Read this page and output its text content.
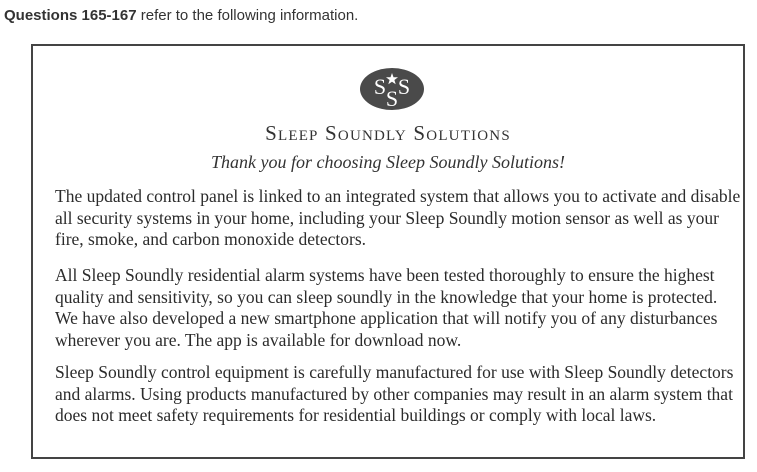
Questions 165-167 refer to the following information.
S S
S
Sleep Soundly Solutions
Thank you for choosing Sleep Soundly Solutions!

The updated control panel is linked to an integrated system that allows you to activate and disable all security systems in your home, including your Sleep Soundly motion sensor as well as your fire, smoke, and carbon monoxide detectors.

All Sleep Soundly residential alarm systems have been tested thoroughly to ensure the highest quality and sensitivity, so you can sleep soundly in the knowledge that your home is protected. We have also developed a new smartphone application that will notify you of any disturbances wherever you are. The app is available for download now.

Sleep Soundly control equipment is carefully manufactured for use with Sleep Soundly detectors and alarms. Using products manufactured by other companies may result in an alarm system that does not meet safety requirements for residential buildings or comply with local laws.
